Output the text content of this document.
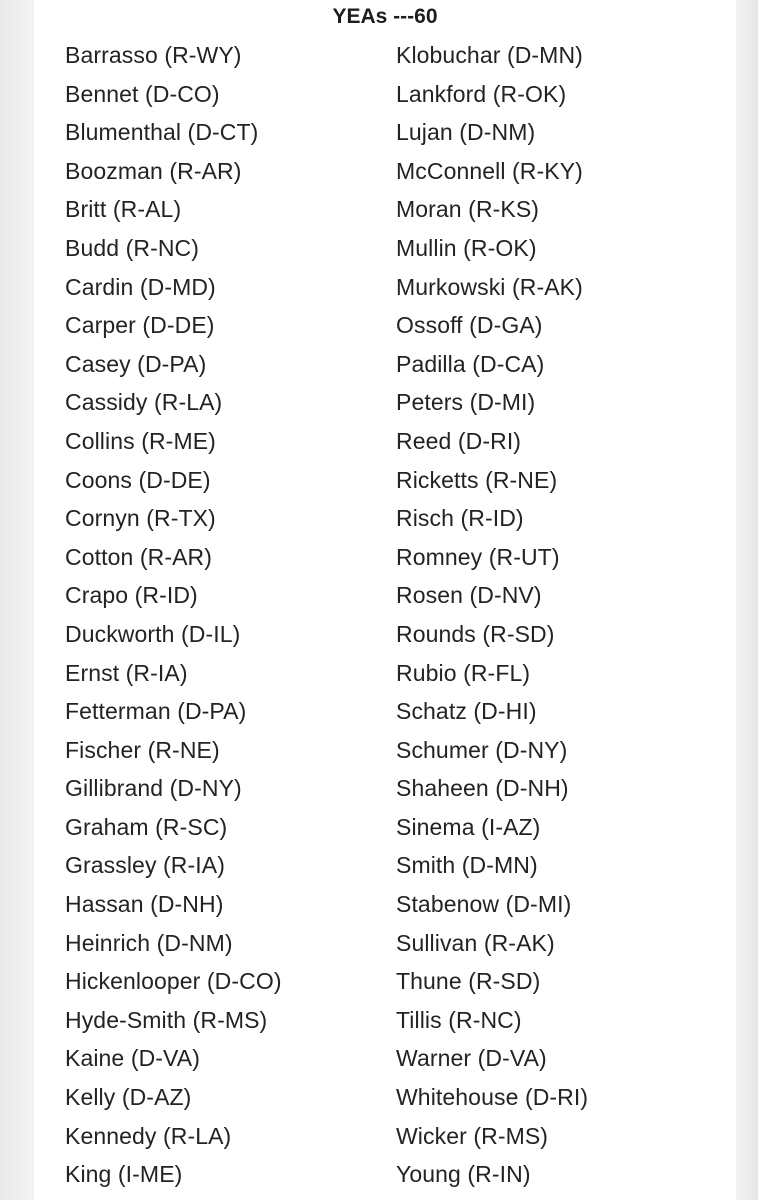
YEAs ---60
Barrasso (R-WY)
Bennet (D-CO)
Blumenthal (D-CT)
Boozman (R-AR)
Britt (R-AL)
Budd (R-NC)
Cardin (D-MD)
Carper (D-DE)
Casey (D-PA)
Cassidy (R-LA)
Collins (R-ME)
Coons (D-DE)
Cornyn (R-TX)
Cotton (R-AR)
Crapo (R-ID)
Duckworth (D-IL)
Ernst (R-IA)
Fetterman (D-PA)
Fischer (R-NE)
Gillibrand (D-NY)
Graham (R-SC)
Grassley (R-IA)
Hassan (D-NH)
Heinrich (D-NM)
Hickenlooper (D-CO)
Hyde-Smith (R-MS)
Kaine (D-VA)
Kelly (D-AZ)
Kennedy (R-LA)
King (I-ME)
Klobuchar (D-MN)
Lankford (R-OK)
Lujan (D-NM)
McConnell (R-KY)
Moran (R-KS)
Mullin (R-OK)
Murkowski (R-AK)
Ossoff (D-GA)
Padilla (D-CA)
Peters (D-MI)
Reed (D-RI)
Ricketts (R-NE)
Risch (R-ID)
Romney (R-UT)
Rosen (D-NV)
Rounds (R-SD)
Rubio (R-FL)
Schatz (D-HI)
Schumer (D-NY)
Shaheen (D-NH)
Sinema (I-AZ)
Smith (D-MN)
Stabenow (D-MI)
Sullivan (R-AK)
Thune (R-SD)
Tillis (R-NC)
Warner (D-VA)
Whitehouse (D-RI)
Wicker (R-MS)
Young (R-IN)
